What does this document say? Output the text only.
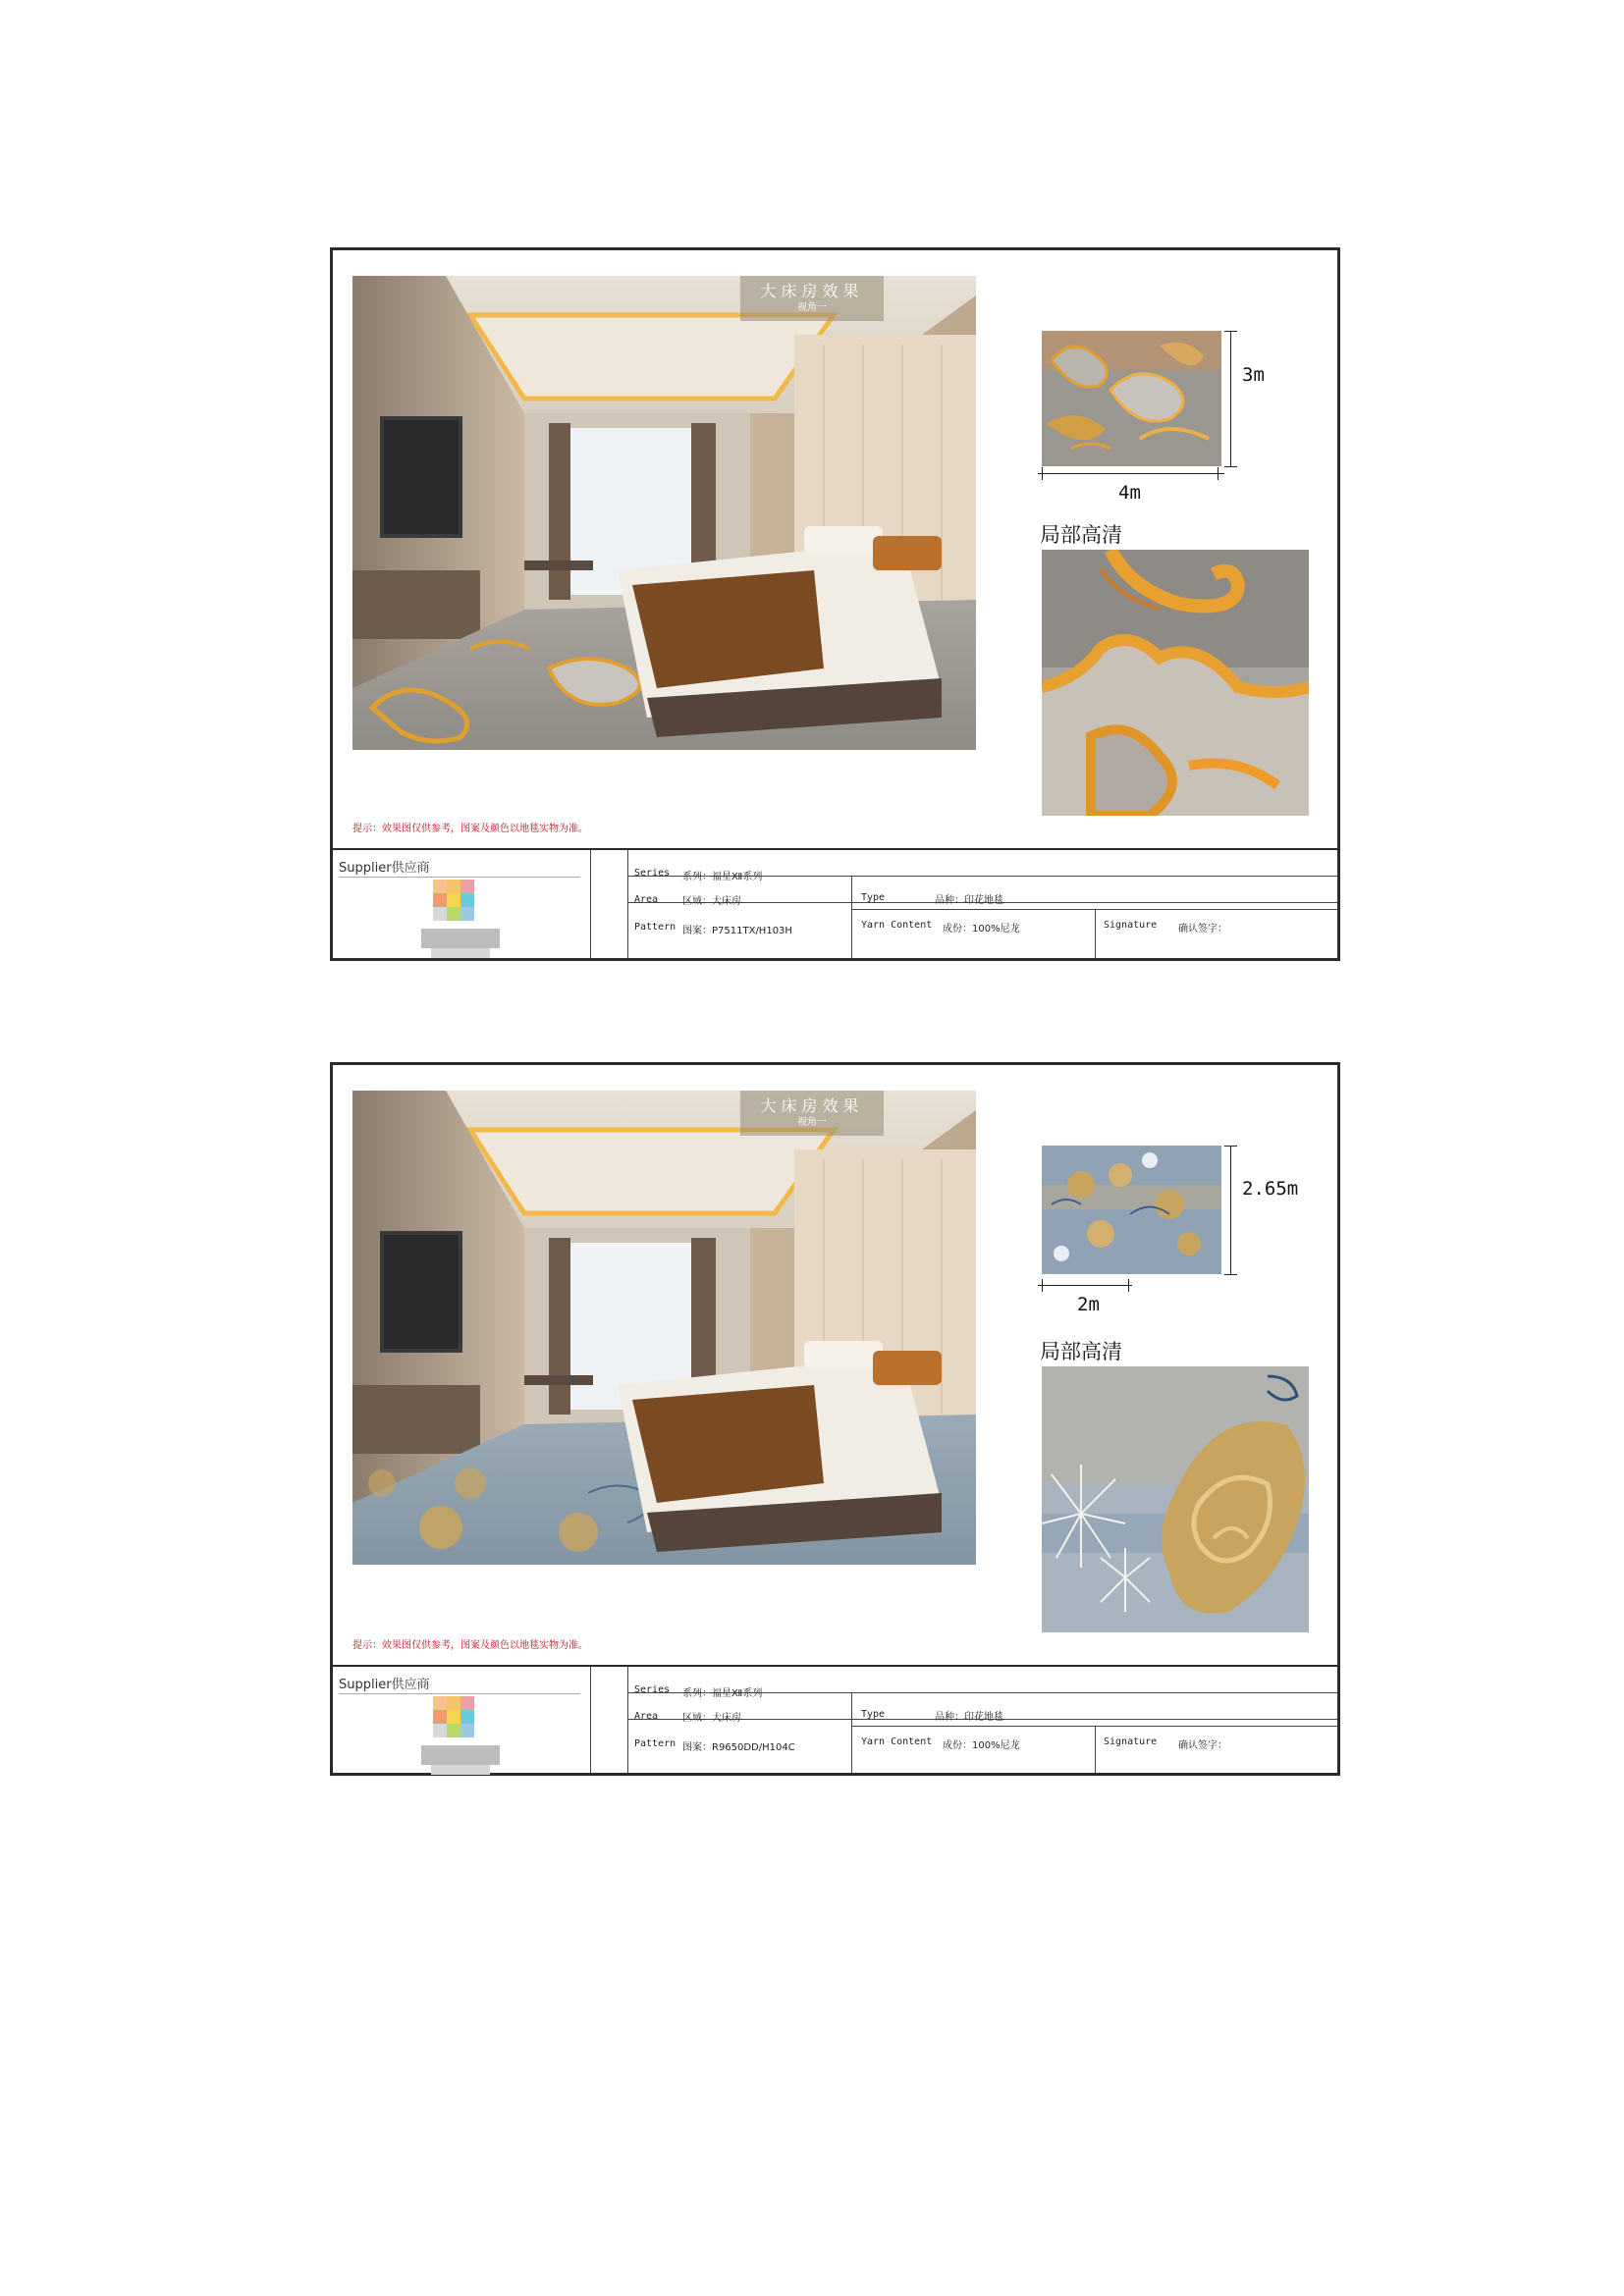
大床房效果
视角一
4m
3m
局部高清
提示：效果图仅供参考，图案及颜色以地毯实物为准。
Supplier供应商	Series 系列：福星Ⅻ系列
Area 区域：大床房	Type	品种：印花地毯
Pattern 图案：P7511TX/H103H
Yarn Content 成份：100%尼龙	Signature 确认签字：
大床房效果
视角一
2m
2.65m
局部高清
提示：效果图仅供参考，图案及颜色以地毯实物为准。
Supplier供应商	Series 系列：福星Ⅻ系列
Area 区域：大床房	Type	品种：印花地毯
Pattern 图案：R9650DD/H104C
Yarn Content 成份：100%尼龙	Signature 确认签字：
